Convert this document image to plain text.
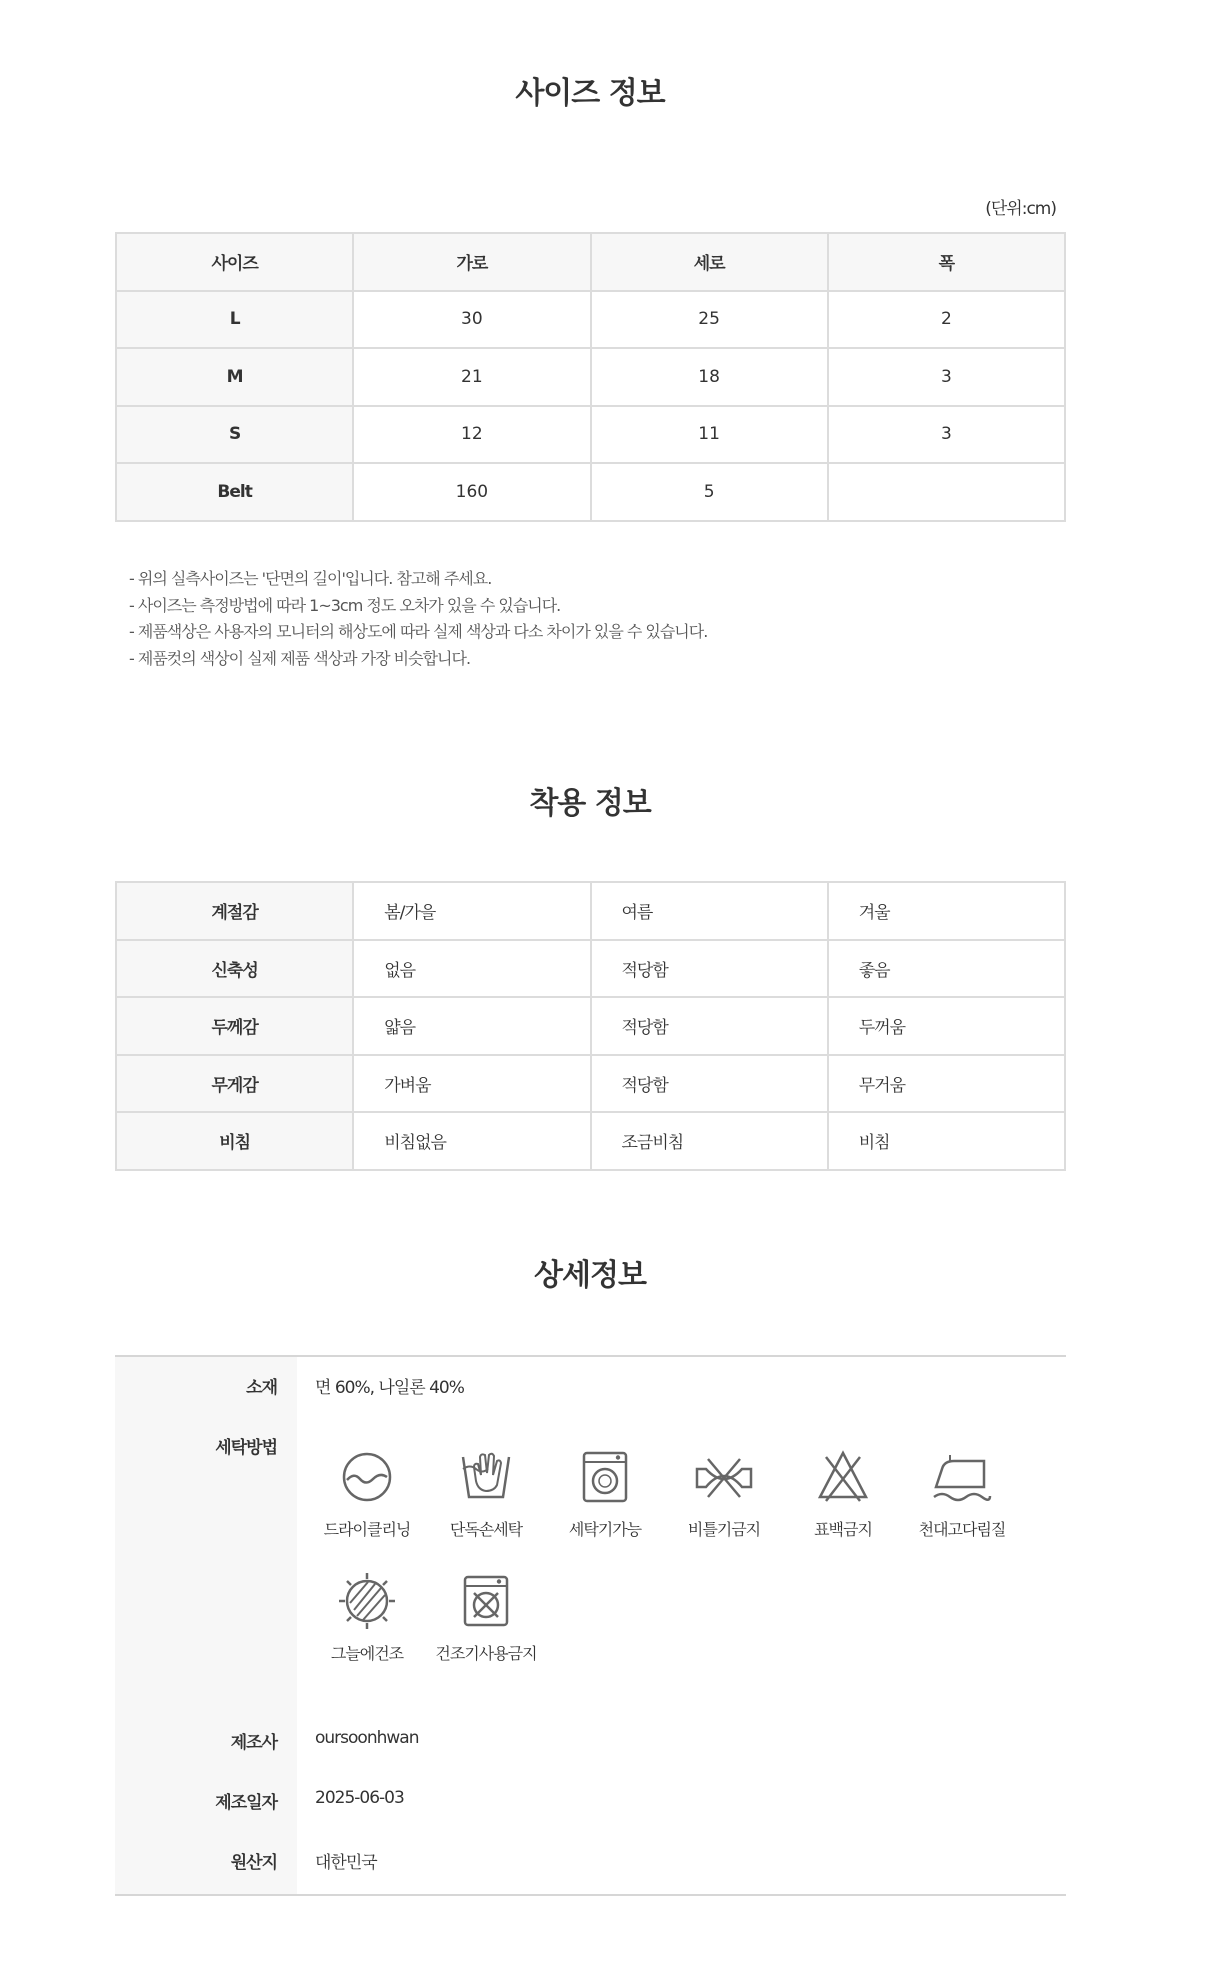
사이즈 정보
(단위:cm)
사이즈	가로	세로	폭
L	30	25	2
M	21	18	3
S	12	11	3
Belt	160	5	
- 위의 실측사이즈는 '단면의 길이'입니다. 참고해 주세요.
- 사이즈는 측정방법에 따라 1~3cm 정도 오차가 있을 수 있습니다.
- 제품색상은 사용자의 모니터의 해상도에 따라 실제 색상과 다소 차이가 있을 수 있습니다.
- 제품컷의 색상이 실제 제품 색상과 가장 비슷합니다.
착용 정보
계절감	봄/가을	여름	겨울
신축성	없음	적당함	좋음
두께감	얇음	적당함	두꺼움
무게감	가벼움	적당함	무거움
비침	비침없음	조금비침	비침
상세정보
소재 면 60%, 나일론 40%
세탁방법
드라이클리닝	단독손세탁	세탁기가능	비틀기금지	표백금지	천대고다림질
그늘에건조	건조기사용금지
제조사 oursoonhwan
제조일자 2025-06-03
원산지 대한민국
